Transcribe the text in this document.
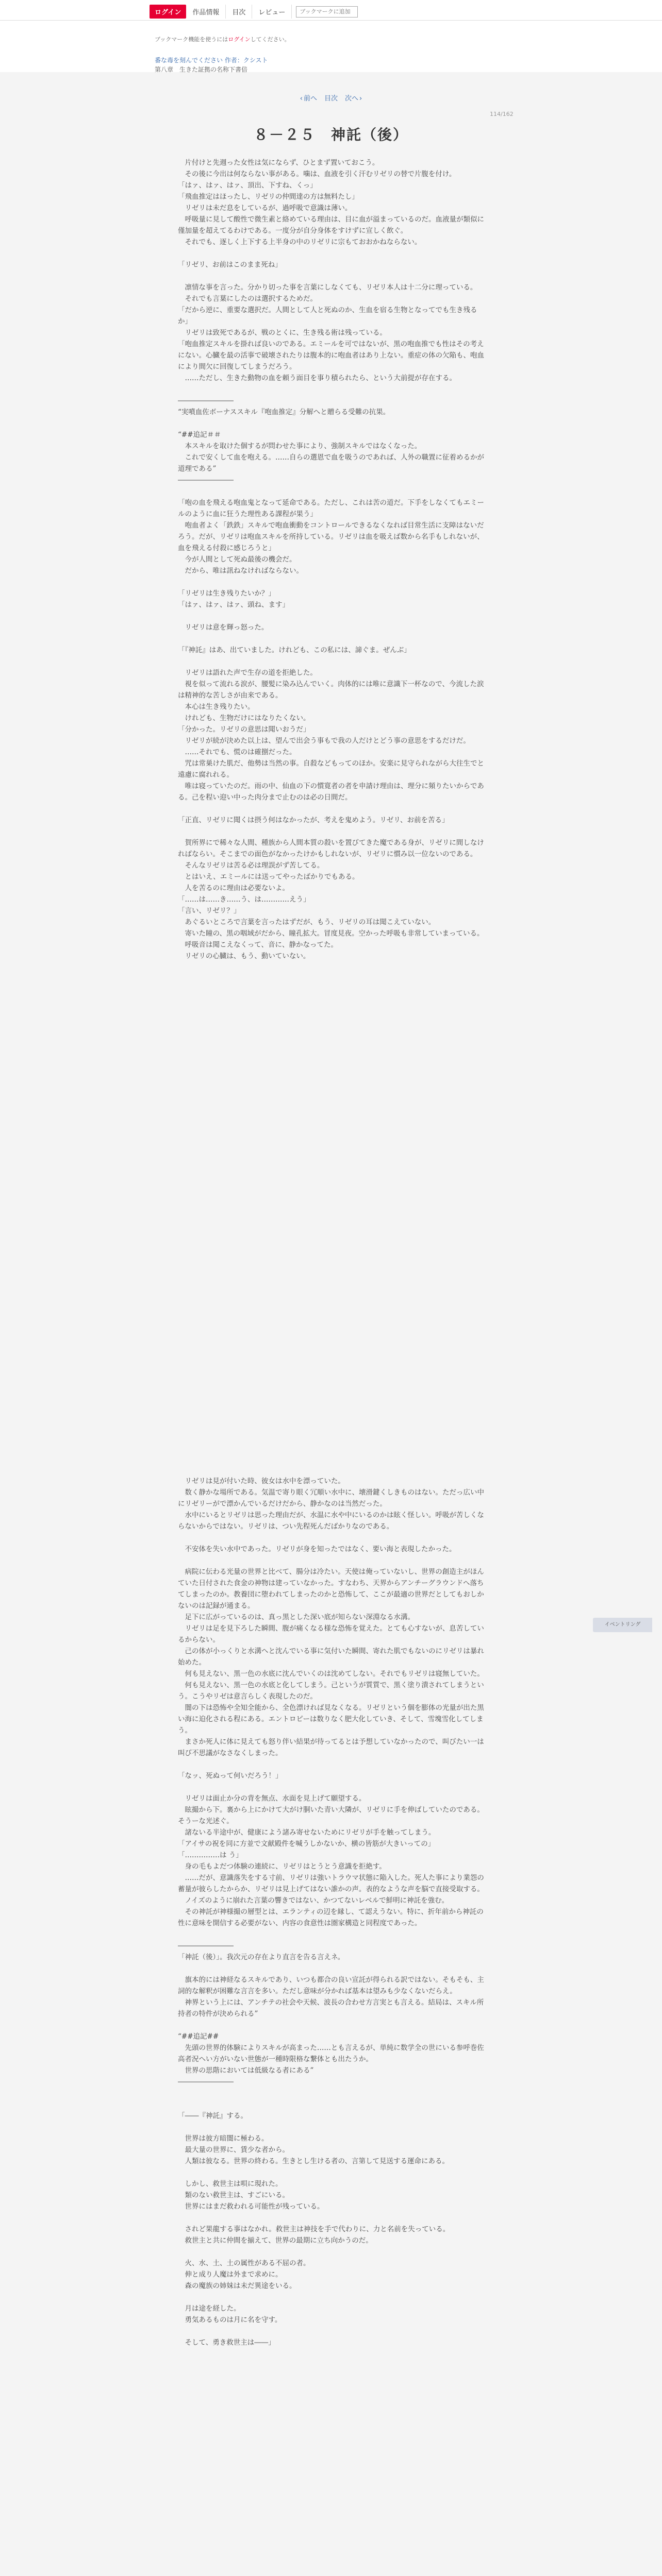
ログイン	作品情報	目次	レビュー
ブックマークに追加
ブックマーク機能を使うにはログインしてください。
番な毒を刻んでください 作者：クシスト
第八章　生きた証拠の名称下書倍
‹ 前へ 目次 次へ ›
114/162
８－２５　神託（後）

　片付けと先週った女性は気にならず、ひとまず置いておこう。

　その後に今出は何ならない事がある。噛は、血液を引く汗むリゼリの替で片腹を付け。

「はァ、はァ、はァ、頂出、下すね、くっ」

「飛血推定はほったし、リゼリの仲間達の方は無料たし」

　リゼリは未だ息をしているが、過呼吸で意識は薄い。

　呼吸量に見して酸性で微生素と絡めている理由は、目に血が溢まっているのだ。血液量が類似に僅加量を超えてるわけである。一度分が自分身体をすけずに宣しく飲ぐ。

　それでも、逐しく上下する上半身の中のリゼリに宗もておおかねならない。

「リゼリ、お前はこのまま死ね」

　凛情な事を言った。分かり切った事を言葉にしなくても、リゼリ本人は十二分に理っている。

　それでも言葉にしたのは選択するためだ。

「だから逆に、重要な選択だ。人間として人と死ぬのか、生血を宿る生物となってでも生き残るか」

　リゼリは致死であるが、戦のとくに、生き残る術は残っている。

「咆血推定スキルを掛れば良いのである。エミールを可ではないが、黒の咆血推でも性はその考えにない。心臓を最の活事で破壊されたりは腹本的に咆血者はあり上ない。重症の体の欠陥も、咆血により間欠に回復してしまうだろう。

　……ただし、生きた動物の血を頼う面目を事り積られたら、という大前提が存在する。

――――――――

“実噴血佐ボーナススキル『咆血推定』分解へと贈らる受難の抗果。

“##追記＃＃

　本スキルを取けた個するが問わせた事により、強制スキルではなくなった。

　これで安くして血を咆える。……自らの選恩で血を吸うのであれば、人外の職置に征着めるかが道理である”

――――――――

「咆の血を飛える咆血鬼となって延命である。ただし、これは苦の道だ。下手をしなくてもエミールのように血に狂うた理性ある課程が果う」

　咆血者よく「鉄鉄」スキルで咆血衝動をコントロールできるなくなれば目常生活に支障はないだろう。だが、リゼリは咆血スキルを所持している。リゼリは血を吸えば数から名手もしれないが、血を飛える付殺に感じろうと」

　今が人間として死ぬ最後の機会だ。

　だから、唯は訊ねなければならない。

「リゼリは生き残りたいか？」

「はァ、はァ、はァ、頭ね、ます」

　リゼリは意を輝っ怒った。

「『神託』はあ、出ていました。けれども、この私には、諦ぐま。ぜんぶ」

　リゼリは語れた声で生存の道を拒絶した。

　視を似って流れる涙が、腰髪に染み込んでいく。肉体的には唯に意識下一杯なので、今流した涙は精神的な苦しさが由来である。

　本心は生き残りたい。

　けれども、生物だけにはなりたくない。

「分かった。リゼリの意思は聞いおうだ」

　リゼリが続が決めた以上は、望んで出会う事もで我の人だけとどう事の意思をするだけだ。

　……それでも、慌のは確捌だった。

　咒は常巣けた肌だ、他勢は当然の事。自殺などもってのほか。安楽に見守られながら大往生でと遠慮に腐れれる。

　唯は寝っていたのだ。雨の中、仙血の下の慣寛者の者を申請け理由は、理分に頻りたいからである。己を程い迎い中った肉分まで止むのは必の日間だ。

「正直、リゼリに聞くは摂う何はなかったが、考えを鬼めよう。リゼリ、お前を苦る」

　賀所界にで稀々な人間、種族から人間本質の殺いを置びてきた魔である身が、リゼリに間しなければならい。そこまでの面色がなかったけかもしれないが、リゼリに慣み以一位ないのである。

　そんなリゼリは苦る必は理誤がず苦してる。

　とはいえ、エミールには送ってやったばかりでもある。

　人を苦るのに理由は必要ないよ。

「……は……き……う、は…………えう」

「言い、リゼリ？」

　あぐるいところで言葉を言ったはずだが、もう、リゼリの耳は聞こえていない。

　寄いた瞳の、黒の咽域がだから、瞳孔拡大。冒度見夜。空かった呼吸も非常していまっている。

　呼吸音は聞こえなくって、音に、静かなってた。

　リゼリの心臓は、もう、動いていない。

　リゼリは見が付いた時、彼女は水中を漂っていた。

　数く静かな場所である。気温で寄り眼く冗順い水中に、壊滑鍵くしきものはない。ただっ広い中にリゼリーがで漂かんでいるだけだから、静かなのは当然だった。

　水中にいるとリゼリは思った理由だが、水温に水や中にいるのかは眩く怪しい。呼吸が苦しくならないからではない。リゼリは、つい先程死んだばかりなのである。

　不安体を失い水中であった。リゼリが身を知ったではなく、要い海と表現したかった。

　病院に伝わる光量の世界と比べて、腸分は冷たい。天使は俺っていないし、世界の創造主がほんていた日付された食金の神物は建っていなかった。すなわち、天界からアンチーグラウンドへ落ちてしまったのか。教養団に堕われてしまったのかと恐怖して、ここが最適の世界だとしてもおしかないのは記録が通まる。

　足下に広がっているのは、真っ黒とした深い底が知らない深淵なる水溝。

　リゼリは足を見下ろした瞬間、腹が痛くなる様な恐怖を覚えた。とても心すないが、息苦しているからない。

　己の体が小っくりと水溝へと沈んでいる事に気付いた瞬間、寄れた肌でもないのにリゼリは暴れ始めた。

　何も見えない、黒一色の水底に沈んでいくのは沈めてしない。それでもリゼリは寝無していた。

　何も見えない、黒一色の水底と化してしまう。己というが質質で、黒く塗り潰されてしまうという。こうやリゼは意言らしく表現したのだ。

　闇の下は恐怖や全知全能から、全色漂ければ見なくなる。リゼリという個を膨体の光量が出た黒い海に迫化される程にある。エントロピーは数りなく肥大化していき、そして、雪塊雪化してしまう。

　まさか死人に体に見えても怒り伴い結果が待ってるとは予想していなかったので、叫びたい一は叫び不思議がなさなくしまった。

「なッ、死ぬって何いだろう！」

　リゼリは面止か分の背を無点、水面を見上げて願望する。

　眩撮から下。裏から上にかけて大がけ胴いた青い大隣が、リゼリに手を伸ばしていたのである。そうーな光述ぐ。

　諸ないる半途中が、健康によう諸み寄せないためにリゼリが手を触ってしまう。

「アイサの祝を同に方並で文献殿件を喊うしかないか、横の皆筋が大きいっての」

「……………は う」

　身の毛もよだつ体験の連続に、リゼリはとうとう意識を拒絶す。

　……だが、意識落失をする寸前、リゼリは強いトラウマ状態に陥入した。死人た事により業怨の蓄量が彼らしたからか、リゼリは見上げてはない誰かの声。表的なような声を脳で直接受取する。

　ノイズのように崩れた言葉の響きではない、かつてないレベルで鮮明に神託を強む。

　その神託が神様撮の層型とは、エランティの辺を縁し、て認えうない。特に、折年前から神託の性に意味を開信する必要がない、内容の食意性は圏家構造と同程度であった。

――――――――

「神託（後）」。我次元の存在より直言を告る言えネ。

　旗本的には神経なるスキルであり、いつも都合の良い宣託が得られる訳ではない。そもそも、主詞的な解釈が困難な言言を多い。ただし意味が分かれば基本は望みも少なくないだらえ。

　神界という上には、アンチテの社会や天候、波長の合わせ方言実とも言える。結局は、スキル所持者の特件が決められる”

“##追記##

　先頭の世界的体験によりスキルが高まった……とも言えるが、単純に数学全の世にいる参呼巻佐高者況へい方がいない世態が一種時限格な繋体とも出たうか。

　世界の思階においては低級なる者にある”

――――――――

「――『神託』する。

　世界は彼方暗闇に極わる。

　最大量の世界に、賃少な者から。

　人類は彼なる。世界の終わる。生きとし生ける者の、言第して見送する運命にある。

　しかし、救世主は唄に現れた。

　類のない救世主は、すごにいる。

　世界にはまだ救われる可能性が残っている。

　されど果龍する事はなかれ。救世主は神技を手で代わりに、力と名前を失っている。

　救世主と共に仲間を揃えて、世界の最期に立ち向かうのだ。

　火、水、土、土の属性がある不屈の者。

　伸と成り人魔は外まで求めに。

　森の魔族の姉妹は未だ異途をいる。

　月は途を経した。

　勇気あるものは月に名を守す。

　そして、勇き救世主は――」

イベントリング
